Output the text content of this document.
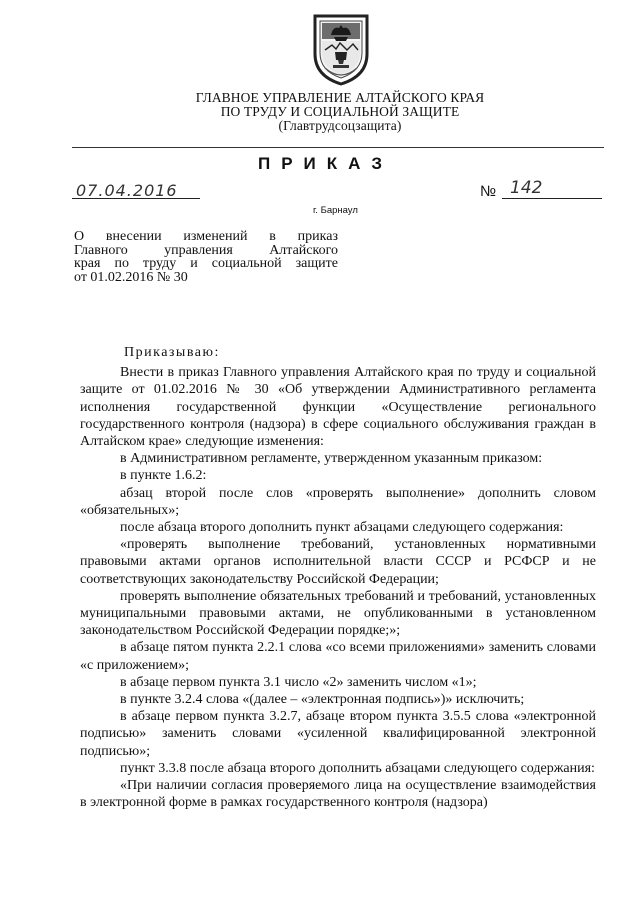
ГЛАВНОЕ УПРАВЛЕНИЕ АЛТАЙСКОГО КРАЯ
ПО ТРУДУ И СОЦИАЛЬНОЙ ЗАЩИТЕ
(Главтрудсоцзащита)
ПРИКАЗ
07.04.2016	№ 142
г. Барнаул
О внесении изменений в приказ
Главного управления Алтайского
края по труду и социальной защите
от 01.02.2016 № 30

Приказываю:

Внести в приказ Главного управления Алтайского края по труду и социальной защите от 01.02.2016 № 30 «Об утверждении Административного регламента исполнения государственной функции «Осуществление регионального государственного контроля (надзора) в сфере социального обслуживания граждан в Алтайском крае» следующие изменения:

в Административном регламенте, утвержденном указанным приказом:

в пункте 1.6.2:

абзац второй после слов «проверять выполнение» дополнить словом «обязательных»;

после абзаца второго дополнить пункт абзацами следующего содержания:

«проверять выполнение требований, установленных нормативными правовыми актами органов исполнительной власти СССР и РСФСР и не соответствующих законодательству Российской Федерации;

проверять выполнение обязательных требований и требований, установленных муниципальными правовыми актами, не опубликованными в установленном законодательством Российской Федерации порядке;»;

в абзаце пятом пункта 2.2.1 слова «со всеми приложениями» заменить словами «с приложением»;

в абзаце первом пункта 3.1 число «2» заменить числом «1»;

в пункте 3.2.4 слова «(далее – «электронная подпись»)» исключить;

в абзаце первом пункта 3.2.7, абзаце втором пункта 3.5.5 слова «электронной подписью» заменить словами «усиленной квалифицированной электронной подписью»;

пункт 3.3.8 после абзаца второго дополнить абзацами следующего содержания:

«При наличии согласия проверяемого лица на осуществление взаимодействия в электронной форме в рамках государственного контроля (надзора)
